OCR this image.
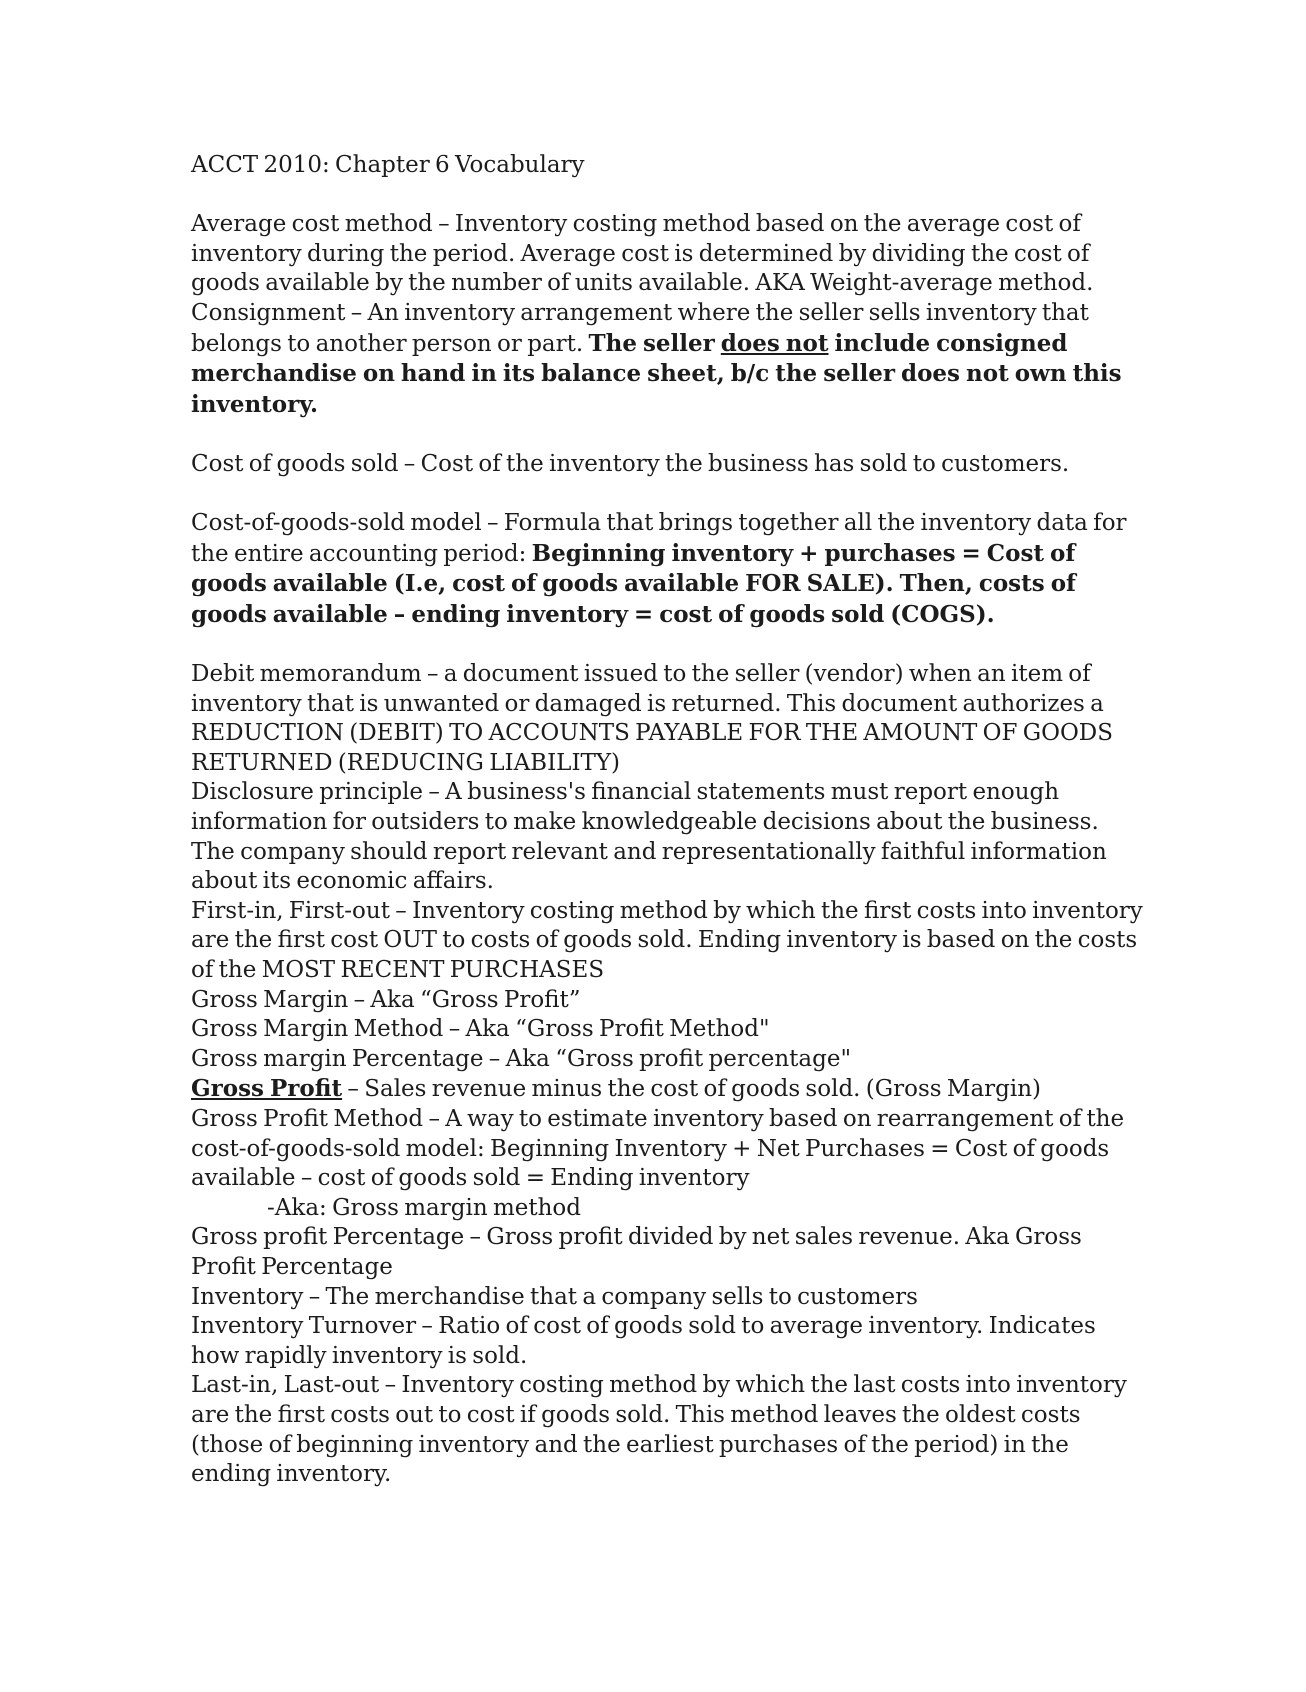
ACCT 2010: Chapter 6 Vocabulary

Average cost method – Inventory costing method based on the average cost of inventory during the period. Average cost is determined by dividing the cost of goods available by the number of units available. AKA Weight-average method.

Consignment – An inventory arrangement where the seller sells inventory that belongs to another person or part. The seller does not include consigned merchandise on hand in its balance sheet, b/c the seller does not own this inventory.

Cost of goods sold – Cost of the inventory the business has sold to customers.

Cost-of-goods-sold model – Formula that brings together all the inventory data for the entire accounting period: Beginning inventory + purchases = Cost of goods available (I.e, cost of goods available FOR SALE). Then, costs of goods available – ending inventory = cost of goods sold (COGS).

Debit memorandum – a document issued to the seller (vendor) when an item of inventory that is unwanted or damaged is returned. This document authorizes a REDUCTION (DEBIT) TO ACCOUNTS PAYABLE FOR THE AMOUNT OF GOODS RETURNED (REDUCING LIABILITY)

Disclosure principle – A business's financial statements must report enough information for outsiders to make knowledgeable decisions about the business. The company should report relevant and representationally faithful information about its economic affairs.

First-in, First-out – Inventory costing method by which the first costs into inventory are the first cost OUT to costs of goods sold. Ending inventory is based on the costs of the MOST RECENT PURCHASES

Gross Margin – Aka “Gross Profit”

Gross Margin Method – Aka “Gross Profit Method"

Gross margin Percentage – Aka “Gross profit percentage"

Gross Profit – Sales revenue minus the cost of goods sold. (Gross Margin)

Gross Profit Method – A way to estimate inventory based on rearrangement of the cost-of-goods-sold model: Beginning Inventory + Net Purchases = Cost of goods available – cost of goods sold = Ending inventory

-Aka: Gross margin method

Gross profit Percentage – Gross profit divided by net sales revenue. Aka Gross Profit Percentage

Inventory – The merchandise that a company sells to customers

Inventory Turnover – Ratio of cost of goods sold to average inventory. Indicates how rapidly inventory is sold.

Last-in, Last-out – Inventory costing method by which the last costs into inventory are the first costs out to cost if goods sold. This method leaves the oldest costs (those of beginning inventory and the earliest purchases of the period) in the ending inventory.
